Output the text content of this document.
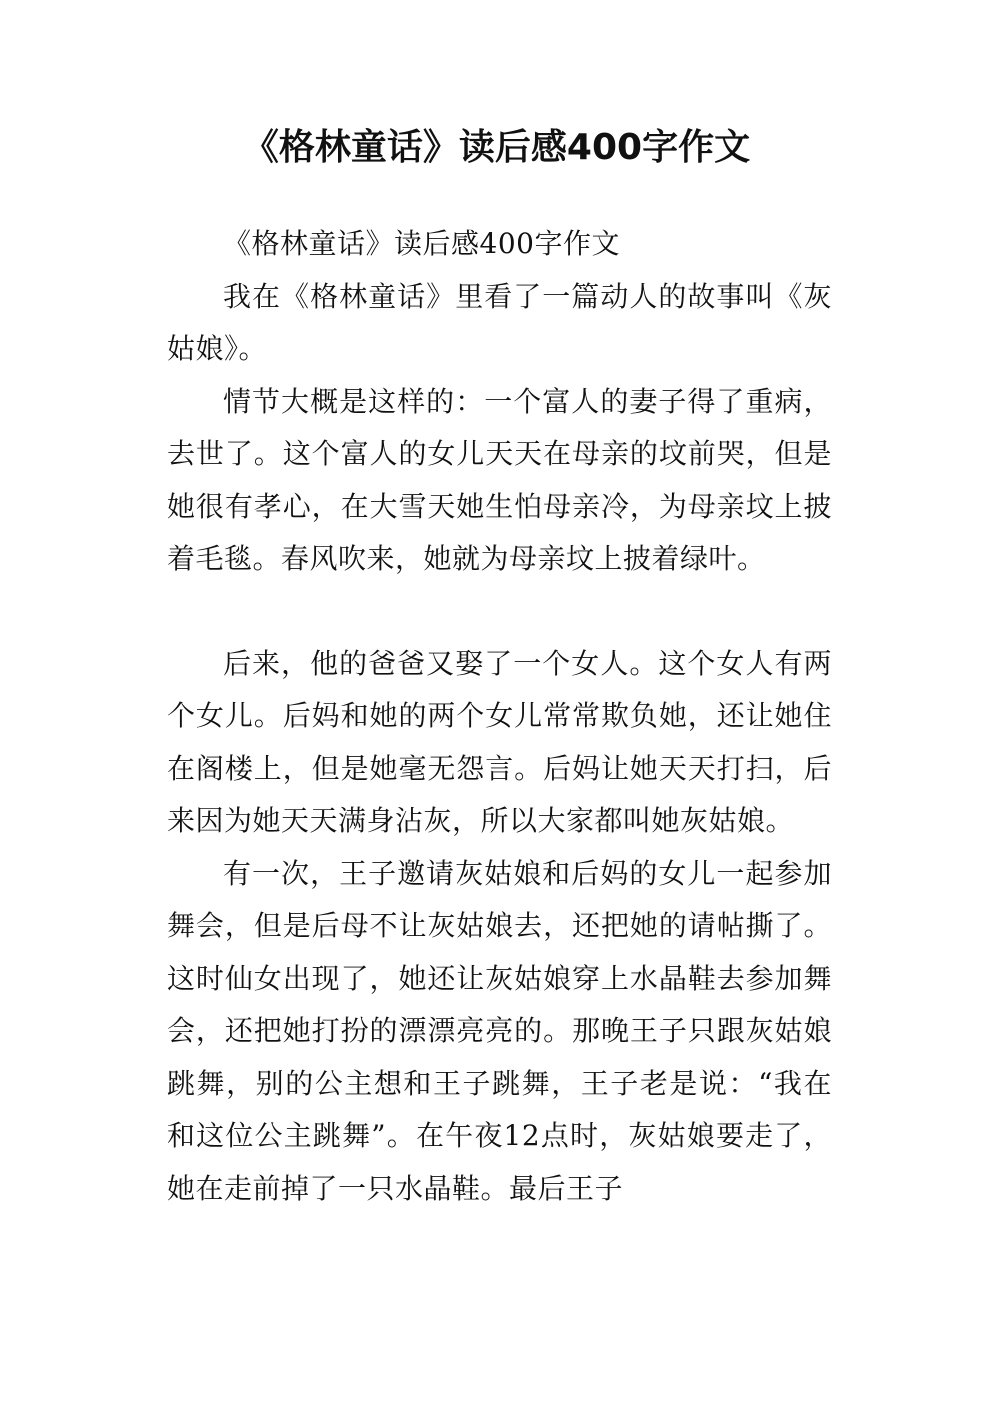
《格林童话》读后感400字作文

《格林童话》读后感400字作文

我在《格林童话》里看了一篇动人的故事叫《灰姑娘》。

情节大概是这样的：一个富人的妻子得了重病，去世了。这个富人的女儿天天在母亲的坟前哭，但是她很有孝心，在大雪天她生怕母亲冷，为母亲坟上披着毛毯。春风吹来，她就为母亲坟上披着绿叶。

后来，他的爸爸又娶了一个女人。这个女人有两个女儿。后妈和她的两个女儿常常欺负她，还让她住在阁楼上，但是她毫无怨言。后妈让她天天打扫，后来因为她天天满身沾灰，所以大家都叫她灰姑娘。

有一次，王子邀请灰姑娘和后妈的女儿一起参加舞会，但是后母不让灰姑娘去，还把她的请帖撕了。这时仙女出现了，她还让灰姑娘穿上水晶鞋去参加舞会，还把她打扮的漂漂亮亮的。那晚王子只跟灰姑娘跳舞，别的公主想和王子跳舞，王子老是说：“我在和这位公主跳舞”。在午夜12点时，灰姑娘要走了，她在走前掉了一只水晶鞋。最后王子
